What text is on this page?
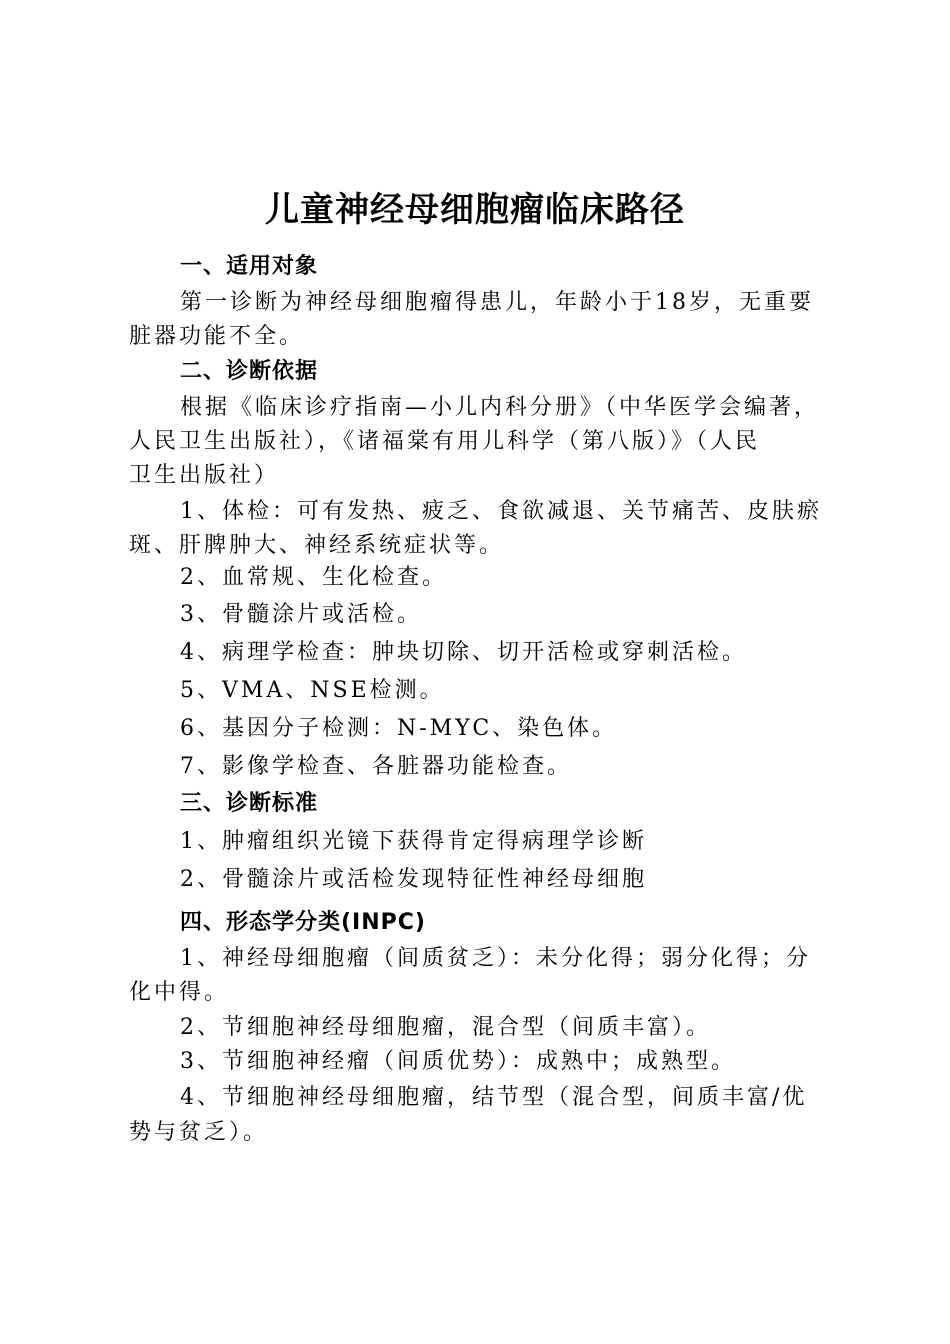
儿童神经母细胞瘤临床路径

一、适用对象

第一诊断为神经母细胞瘤得患儿，年龄小于18岁，无重要

脏器功能不全。

二、诊断依据

根据《临床诊疗指南—小儿内科分册》（中华医学会编著，

人民卫生出版社），《诸福棠有用儿科学（第八版）》（人民

卫生出版社）

1、体检：可有发热、疲乏、食欲减退、关节痛苦、皮肤瘀

斑、肝脾肿大、神经系统症状等。

2、血常规、生化检查。

3、骨髓涂片或活检。

4、病理学检查：肿块切除、切开活检或穿刺活检。

5、VMA、NSE检测。

6、基因分子检测：N-MYC、染色体。

7、影像学检查、各脏器功能检查。

三、诊断标准

1、肿瘤组织光镜下获得肯定得病理学诊断

2、骨髓涂片或活检发现特征性神经母细胞

四、形态学分类(INPC)

1、神经母细胞瘤（间质贫乏）：未分化得；弱分化得；分

化中得。

2、节细胞神经母细胞瘤，混合型（间质丰富）。

3、节细胞神经瘤（间质优势）：成熟中；成熟型。

4、节细胞神经母细胞瘤，结节型（混合型，间质丰富/优

势与贫乏）。
